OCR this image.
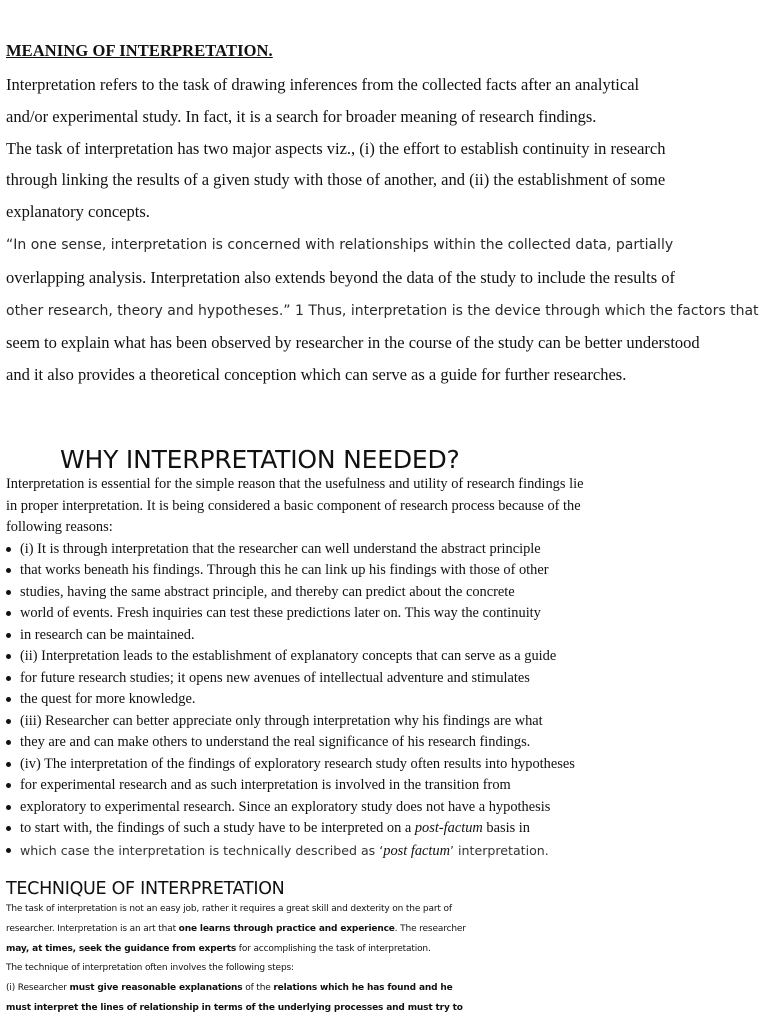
MEANING OF INTERPRETATION.

Interpretation refers to the task of drawing inferences from the collected facts after an analytical

and/or experimental study. In fact, it is a search for broader meaning of research findings.

The task of interpretation has two major aspects viz., (i) the effort to establish continuity in research

through linking the results of a given study with those of another, and (ii) the establishment of some

explanatory concepts.

“In one sense, interpretation is concerned with relationships within the collected data, partially

overlapping analysis. Interpretation also extends beyond the data of the study to include the results of

other research, theory and hypotheses.” 1 Thus, interpretation is the device through which the factors that

seem to explain what has been observed by researcher in the course of the study can be better understood

and it also provides a theoretical conception which can serve as a guide for further researches.

WHY INTERPRETATION NEEDED?

Interpretation is essential for the simple reason that the usefulness and utility of research findings lie

in proper interpretation. It is being considered a basic component of research process because of the

following reasons:

(i) It is through interpretation that the researcher can well understand the abstract principle
that works beneath his findings. Through this he can link up his findings with those of other
studies, having the same abstract principle, and thereby can predict about the concrete
world of events. Fresh inquiries can test these predictions later on. This way the continuity
in research can be maintained.
(ii) Interpretation leads to the establishment of explanatory concepts that can serve as a guide
for future research studies; it opens new avenues of intellectual adventure and stimulates
the quest for more knowledge.
(iii) Researcher can better appreciate only through interpretation why his findings are what
they are and can make others to understand the real significance of his research findings.
(iv) The interpretation of the findings of exploratory research study often results into hypotheses
for experimental research and as such interpretation is involved in the transition from
exploratory to experimental research. Since an exploratory study does not have a hypothesis
to start with, the findings of such a study have to be interpreted on a post-factum basis in
which case the interpretation is technically described as ‘post factum’ interpretation.
TECHNIQUE OF INTERPRETATION

The task of interpretation is not an easy job, rather it requires a great skill and dexterity on the part of

researcher. Interpretation is an art that one learns through practice and experience. The researcher

may, at times, seek the guidance from experts for accomplishing the task of interpretation.

The technique of interpretation often involves the following steps:

(i) Researcher must give reasonable explanations of the relations which he has found and he

must interpret the lines of relationship in terms of the underlying processes and must try to
